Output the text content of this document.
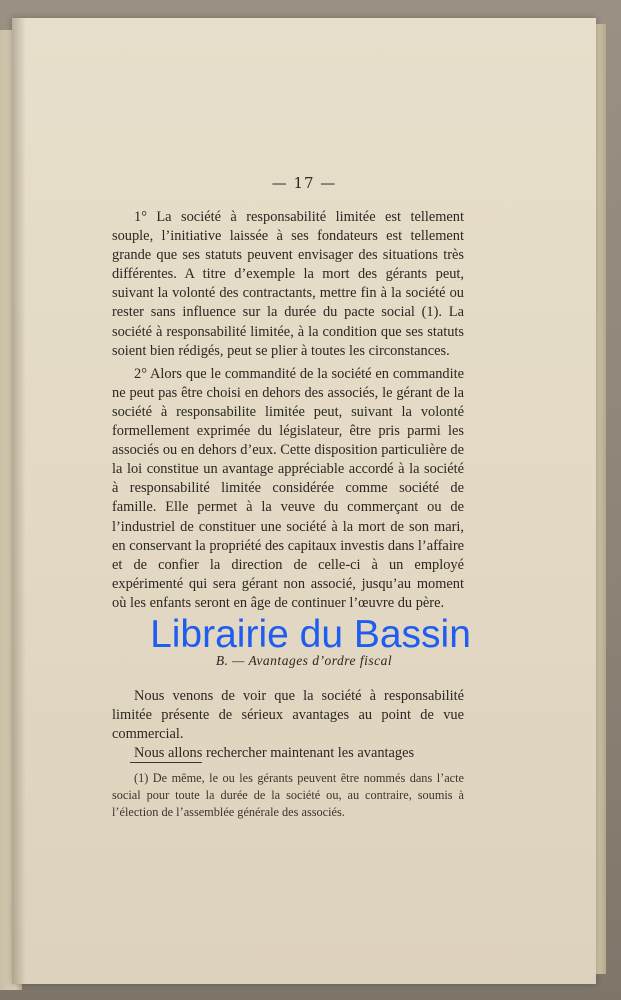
— 17 —

1° La société à responsabilité limitée est tellement souple, l’initiative laissée à ses fondateurs est tellement grande que ses statuts peuvent envisager des situations très différentes. A titre d’exemple la mort des gérants peut, suivant la volonté des contractants, mettre fin à la société ou rester sans influence sur la durée du pacte social (1). La société à responsabilité limitée, à la condition que ses statuts soient bien rédigés, peut se plier à toutes les circonstances.

2° Alors que le commandité de la société en commandite ne peut pas être choisi en dehors des associés, le gérant de la société à responsabilite limitée peut, suivant la volonté formellement exprimée du législateur, être pris parmi les associés ou en dehors d’eux. Cette disposition particulière de la loi constitue un avantage appréciable accordé à la société à responsabilité limitée considérée comme société de famille. Elle permet à la veuve du commerçant ou de l’industriel de constituer une société à la mort de son mari, en conservant la propriété des capitaux investis dans l’affaire et de confier la direction de celle-ci à un employé expérimenté qui sera gérant non associé, jusqu’au moment où les enfants seront en âge de continuer l’œuvre du père.

B. — Avantages d’ordre fiscal

Nous venons de voir que la société à responsabilité limitée présente de sérieux avantages au point de vue commercial.

Nous allons rechercher maintenant les avantages

(1) De même, le ou les gérants peuvent être nommés dans l’acte social pour toute la durée de la société ou, au contraire, soumis à l’élection de l’assemblée générale des associés.

Librairie du Bassin
